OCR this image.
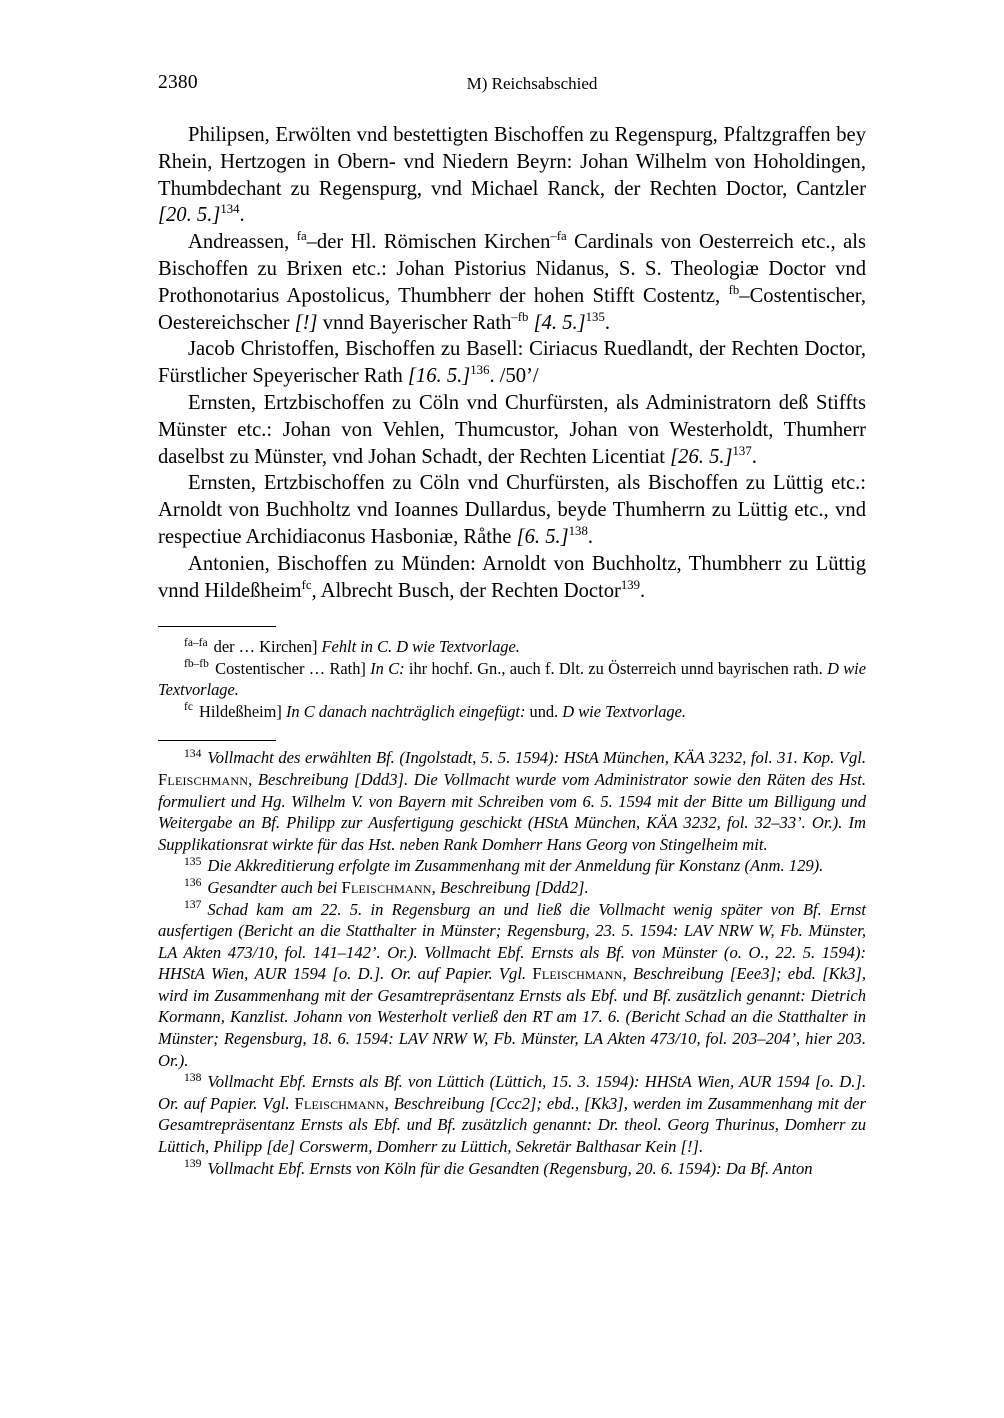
2380	M) Reichsabschied

Philipsen, Erwölten vnd bestettigten Bischoffen zu Regenspurg, Pfaltzgraffen bey Rhein, Hertzogen in Obern- vnd Niedern Beyrn: Johan Wilhelm von Hoholdingen, Thumbdechant zu Regenspurg, vnd Michael Ranck, der Rechten Doctor, Cantzler [20. 5.]$^{134}$.

Andreassen, $^{fa}$–der Hl. Römischen Kirchen$^{-fa}$ Cardinals von Oesterreich etc., als Bischoffen zu Brixen etc.: Johan Pistorius Nidanus, S. S. Theologiæ Doctor vnd Prothonotarius Apostolicus, Thumbherr der hohen Stifft Costentz, $^{fb}$–Costentischer, Oestereichscher [!] vnnd Bayerischer Rath$^{-fb}$ [4. 5.]$^{135}$.

Jacob Christoffen, Bischoffen zu Basell: Ciriacus Ruedlandt, der Rechten Doctor, Fürstlicher Speyerischer Rath [16. 5.]$^{136}$. /50’/

Ernsten, Ertzbischoffen zu Cöln vnd Churfürsten, als Administratorn deß Stiffts Münster etc.: Johan von Vehlen, Thumcustor, Johan von Westerholdt, Thumherr daselbst zu Münster, vnd Johan Schadt, der Rechten Licentiat [26. 5.]$^{137}$.

Ernsten, Ertzbischoffen zu Cöln vnd Churfürsten, als Bischoffen zu Lüttig etc.: Arnoldt von Buchholtz vnd Ioannes Dullardus, beyde Thumherrn zu Lüttig etc., vnd respectiue Archidiaconus Hasboniæ, Råthe [6. 5.]$^{138}$.

Antonien, Bischoffen zu Münden: Arnoldt von Buchholtz, Thumbherr zu Lüttig vnnd Hildeßheim$^{fc}$, Albrecht Busch, der Rechten Doctor$^{139}$.

$^{fa-fa}$ der … Kirchen] Fehlt in C. D wie Textvorlage.

$^{fb-fb}$ Costentischer … Rath] In C: ihr hochf. Gn., auch f. Dlt. zu Österreich unnd bayrischen rath. D wie Textvorlage.

$^{fc}$ Hildeßheim] In C danach nachträglich eingefügt: und. D wie Textvorlage.

$^{134}$ Vollmacht des erwählten Bf. (Ingolstadt, 5. 5. 1594): HStA München, KÄA 3232, fol. 31. Kop. Vgl. Fleischmann, Beschreibung [Ddd3]. Die Vollmacht wurde vom Administrator sowie den Räten des Hst. formuliert und Hg. Wilhelm V. von Bayern mit Schreiben vom 6. 5. 1594 mit der Bitte um Billigung und Weitergabe an Bf. Philipp zur Ausfertigung geschickt (HStA München, KÄA 3232, fol. 32–33’. Or.). Im Supplikationsrat wirkte für das Hst. neben Rank Domherr Hans Georg von Stingelheim mit.

$^{135}$ Die Akkreditierung erfolgte im Zusammenhang mit der Anmeldung für Konstanz (Anm. 129).

$^{136}$ Gesandter auch bei Fleischmann, Beschreibung [Ddd2].

$^{137}$ Schad kam am 22. 5. in Regensburg an und ließ die Vollmacht wenig später von Bf. Ernst ausfertigen (Bericht an die Statthalter in Münster; Regensburg, 23. 5. 1594: LAV NRW W, Fb. Münster, LA Akten 473/10, fol. 141–142’. Or.). Vollmacht Ebf. Ernsts als Bf. von Münster (o. O., 22. 5. 1594): HHStA Wien, AUR 1594 [o. D.]. Or. auf Papier. Vgl. Fleischmann, Beschreibung [Eee3]; ebd. [Kk3], wird im Zusammenhang mit der Gesamtrepräsentanz Ernsts als Ebf. und Bf. zusätzlich genannt: Dietrich Kormann, Kanzlist. Johann von Westerholt verließ den RT am 17. 6. (Bericht Schad an die Statthalter in Münster; Regensburg, 18. 6. 1594: LAV NRW W, Fb. Münster, LA Akten 473/10, fol. 203–204’, hier 203. Or.).

$^{138}$ Vollmacht Ebf. Ernsts als Bf. von Lüttich (Lüttich, 15. 3. 1594): HHStA Wien, AUR 1594 [o. D.]. Or. auf Papier. Vgl. Fleischmann, Beschreibung [Ccc2]; ebd., [Kk3], werden im Zusammenhang mit der Gesamtrepräsentanz Ernsts als Ebf. und Bf. zusätzlich genannt: Dr. theol. Georg Thurinus, Domherr zu Lüttich, Philipp [de] Corswerm, Domherr zu Lüttich, Sekretär Balthasar Kein [!].

$^{139}$ Vollmacht Ebf. Ernsts von Köln für die Gesandten (Regensburg, 20. 6. 1594): Da Bf. Anton
